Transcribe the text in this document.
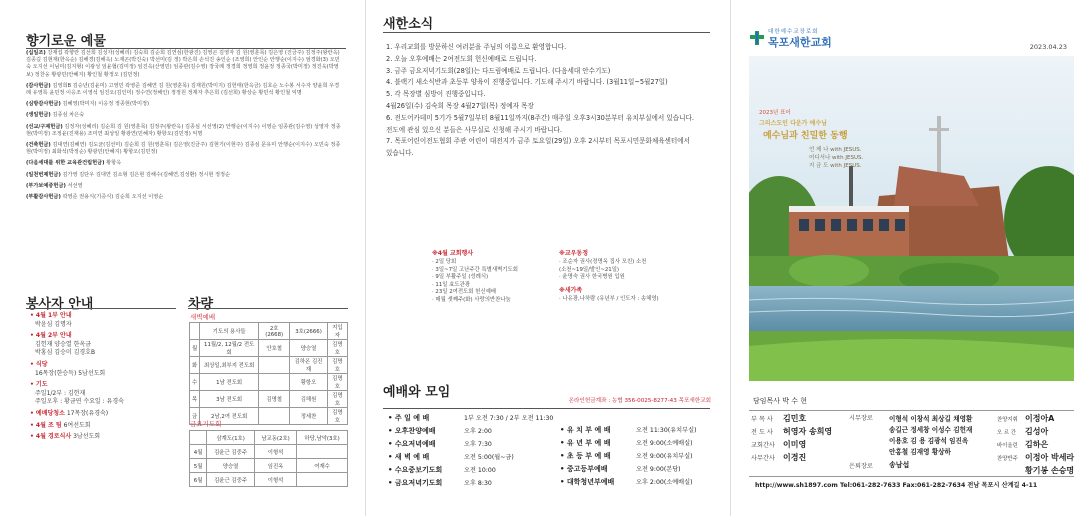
향기로운 예물
(십일조) 강재섭 곽향란 김선희 김성자(성혜리) 김숙희 김순희 김연심(한광진) 김영곤 김영자 김 원(영훈목) 김은영 (진금주) 김정주(왕란옥) 김종길 김현재(한옥순) 김해경(김해옥) 노재곤(박진숙) 박선미(김 정) 박은희 손석진 송인순 (조영희) 안인순 안행순(이지수) 엄경화(3) 오민숙 오지선 이님미(김지형) 이광성 임윤협(김미정) 임진옥(산영민) 임종관(김수영) 장국례 정경희 정영희 정윤정 정종국(박미정) 정진욱(박영보) 정찬웅 황광민(안혜지) 황인철 황정오 (김민정)
(감사헌금) 김영희B 김승년(김윤미) 고영민 곽영준 김혜연 김 원(영훈목) 김재원(박미지) 김헌태(한옥금) 김호순 노수봉 서수자 양윤희 우경례 유영록 윤민정 이응조 이영석 임진오(김인미) 정수연(정해인) 정정원 정재자 추은희 (김선희) 황상순 황민석 황인철 익명
(심방감사헌금) 김혜영(박미지) 이응정 정종현(박미정)
(생일헌금) 김종심 차은숙
(선교/구제헌금) 김정자(성혜리) 김순희 김 원(영훈목) 김정주(왕란옥) 김종심 서선영(2) 안행순(이지수) 이영순 임종관(김수영) 성영자 정종현(박미정) 조정윤(진재용) 조미연 최상일 황광연(민혜자) 황항오(김민정) 익명
(건축헌금) 김대연(김혜연) 김도균(김선미) 김순희 김 원(영훈목) 김은영(진금주) 김현기(이현주) 김종심 문유미 안행순(이지수) 오민숙 정종현(박미정) 최화석(박정순) 황광민(안혜지) 황항오(김민정)
(다음세대를 위한 교육관건립헌금) 황항옥
(일천번제헌금) 김가영 김단우 김대연 김소형 김은현 김해수(김혜연,김성환) 정시현 정정순
(부가보예증헌금) 서선영
(부활감사헌금) 곽영준 권용식(기증식) 김순희 오지선 이영순
봉사자 안내
• 4월 1부 안내
박윤심 김명자
• 4월 2부 안내
김헌재 양승열 한옥금
박홍심 김승미 김경호B
• 식당
16목장(한승득) 5남선도회
• 기도
주일1/2부 : 김헌재
주일오후 : 황금연 수요일 : 유경숙
• 예배당청소 17목장(유경숙)
• 4월 조 팀 6여선도회
• 4월 경로식사 3남선도회
차량
새벽예배
	기도의 용사들	2호(2668)	3호(2666)	지입자
월	11월/2, 12월/2 전도회	안호철	양승열	김명호
화	최상일,최부지 전도회		김하온 김진재	김명호
수	1남 전도회		황항오	김명호
목	3남 전도회	김명철	김해원	김명호
금	2남,2여 전도회		정세찬	김명호
금요기도회
	삼계도(1호)	남교동(2호)	하당,남악(3호)
4월	김윤근 김중주	이형석	
5월	양승열	임진옥	여재수
6월	김윤근 김중주	이형석	
새한소식
1. 우리교회를 방문하신 여러분을 주님의 이름으로 환영합니다.
2. 오늘 오후예배는 2여전도회 헌신예배로 드립니다.
3. 금주 금요저녁기도회(28일)는 다드림예배로 드립니다. (다음세대 안수기도)
4. 블랙기 새소식반과 초등부 양육이 진행중입니다. 기도해 주시기 바랍니다. (3월11일~5월27일)
5. 각 목장별 심방이 진행중입니다.
4월26일(수) 김숙희 목장 4월27일(목) 정예자 목장
6. 전도어카데미 5기가 5월7일부터 8월11일까지(8주간) 매주일 오후3시30분부터 유치부실에서 있습니다.
전도에 관심 있으신 분들은 사무실로 신청해 주시기 바랍니다.
7. 목포어린이전도협회 주관 어린이 대전지가 금주 토요일(29일) 오후 2시부터 목포시민문화체육센터에서
있습니다.
※4월 교회행사
· 2일 당회
· 3일~7일 고난주간 특별새벽기도회
· 9일 부활주일 (성례식)
· 11일 효도관광
· 23일 2여전도회 헌신예배
· 매월 셋째주(화) 사랑의반찬나눔
※교우동정
· 조순자 권사(정명옥 집사 모친) 소천
(소천~19일/발인~21일)
· 윤명숙 권사 한국병원 입원
※새가족
· 나유광,나하람 (유년부 / 인도자 : 송혜영)
예배와 모임
온라인헌금계좌 : 농협 356-0025-8277-43 목포새한교회
• 주 일 예 배	1부 오전 7:30 / 2부 오전 11:30
• 오후찬양예배	오후 2:00
• 수요저녁예배	오후 7:30
• 새 벽 예 배	오전 5:00(월~금)
• 수요중보기도회	오전 10:00
• 금요저녁기도회	오후 8:30
• 유 치 부 예 배	오전 11:30(유치부실)
• 유 년 부 예 배	오전 9:00(소예배실)
• 초 등 부 예 배	오전 9:00(유치부실)
• 중고등부예배	오전 9:00(본당)
• 대학청년부예배	오후 2:00(소예배실)
대한예수교장로회
목포새한교회	2023.04.23
2023년 표어
그리스도인 다운가 예수님
예수님과 친밀한 동행
언 제 나 with JESUS.
어디서나 with JESUS.
지 금 도 with JESUS.
담임목사 박 수 현
부 목 사 김민호
전 도 사 허영자 송희영
교회간사 이미영
사무간사 이경진
시무장로 이형석 이창석 최상길 채영환
송길근 정세창 이성수 김헌재
이용호 김 용 김광석 임진옥
안홍철 김재영 황상하
은퇴장로 송남섭
찬양지휘 이정아A
오 르 간 김성아
바이올린 김하은
찬양반주 이정아 박세라
황기봉 손승명
http://www.sh1897.com Tel:061-282-7633 Fax:061-282-7634 전남 목포시 산계길 4-11
